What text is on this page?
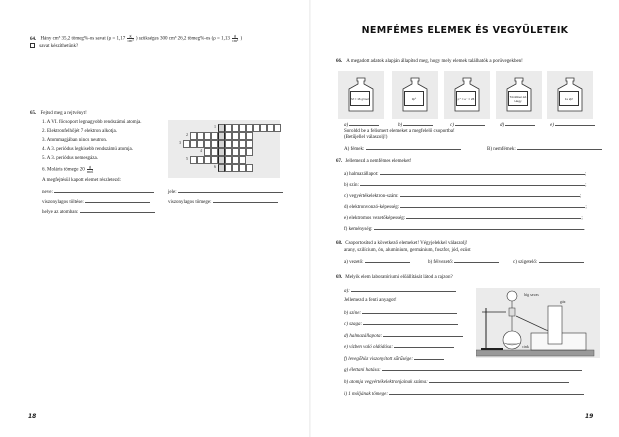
64. Hány cm³ 35,2 tömeg%-os savat ($\rho = 1,17 \frac{g}{\text{cm³}}$ ) szükséges 300 cm³ 26,2 tömeg%-os ($\rho = 1,13 \frac{g}{\text{cm³}}$ )
savat készíthetünk?
65. Fejtsd meg a rejtvényt!
1. A VI. főcsoport legnagyobb rendszámú atomja.
2. Elektronfelhőjét 7 elektron alkotja.
3. Atommagjában nincs neutron.
4. A 3. periódus legkisebb rendszámú atomja.
5. A 3. periódus nemesgáza.
6. Moláris tömege $20 \frac{g}{\text{mol}}$
A megfejtésül kapott elemet részletezd:
1
2
3
4
5
6
neve:	jele:
viszonylagos töltése:	viszonylagos tömege:
helye az atomban:
18
NEMFÉMES ELEMEK ÉS VEGYÜLETEIK
66. A megadott adatok alapján állapítsd meg, hogy mely elemek találhatók a porüvegekben!
M = 16 g/mol	3p⁵	p⁺ = e⁻ = 26	Tömbben kő Hegy	1s 2p³
a)	b)	c)	d)	e)
Soroldd be a felismert elemeket a megfelelő csoportba!
(Betűjellel válaszolj!)
A) fémek:	B) nemfémek:
67. Jellemezd a nemfémes elemeket!
a) halmazállapot:	;
b) szín:	;
c) vegyértékelektron-szám:	;
d) elektronvonzó-képesség:	;
e) elektromos vezetőképesség:	;
f) keménység:	.
68. Csoportosítsd a következő elemeket! Végyjelekkel válaszolj!
arany, szilícium, ón, alumínium, germánium, foszfor, jód, ezüst
a) vezető:	b) félvezető:	c) szigetelő:
69. Melyik elem laboratóriumi előállítását látod a rajzon?
a):
Jellemezd a fenti anyagot!
b) színe:
c) szaga:
d) halmazállapota:
e) vízben való oldódása:
f) levegőhöz viszonyított sűrűsége:
g) élettani hatása:
h) atomja vegyértékelektronjainak száma:
i) 1 móljának tömege:
híg savas
cink
gáz
19
